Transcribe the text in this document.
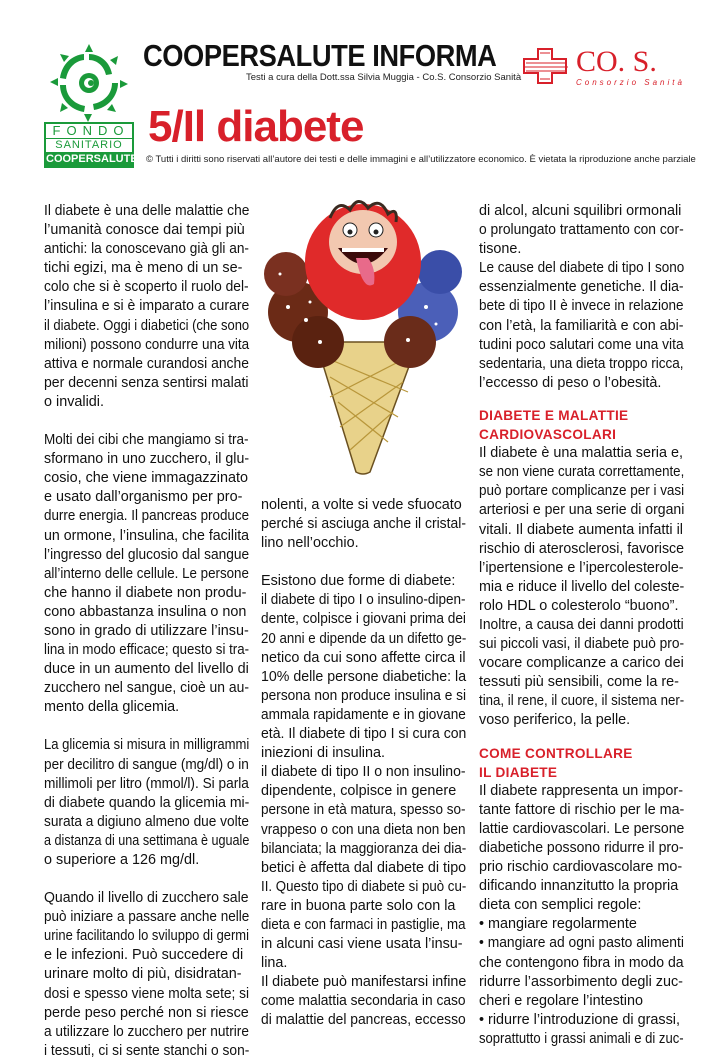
FONDO
SANITARIO
COOPERSALUTE
COOPERSALUTE INFORMA
Testi a cura della Dott.ssa Silvia Muggia - Co.S. Consorzio Sanità CO. S.
Consorzio Sanità
5/Il diabete
© Tutti i diritti sono riservati all’autore dei testi e delle immagini e all’utilizzatore economico. È vietata la riproduzione anche parziale

Il diabete è una delle malattie che

l’umanità conosce dai tempi più

antichi: la conoscevano già gli an-

tichi egizi, ma è meno di un se-

colo che si è scoperto il ruolo del-

l’insulina e si è imparato a curare

il diabete. Oggi i diabetici (che sono

milioni) possono condurre una vita

attiva e normale curandosi anche

per decenni senza sentirsi malati

o invalidi.

Molti dei cibi che mangiamo si tra-

sformano in uno zucchero, il glu-

cosio, che viene immagazzinato

e usato dall’organismo per pro-

durre energia. Il pancreas produce

un ormone, l’insulina, che facilita

l’ingresso del glucosio dal sangue

all’interno delle cellule. Le persone

che hanno il diabete non produ-

cono abbastanza insulina o non

sono in grado di utilizzare l’insu-

lina in modo efficace; questo si tra-

duce in un aumento del livello di

zucchero nel sangue, cioè un au-

mento della glicemia.

La glicemia si misura in milligrammi

per decilitro di sangue (mg/dl) o in

millimoli per litro (mmol/l). Si parla

di diabete quando la glicemia mi-

surata a digiuno almeno due volte

a distanza di una settimana è uguale

o superiore a 126 mg/dl.

Quando il livello di zucchero sale

può iniziare a passare anche nelle

urine facilitando lo sviluppo di germi

e le infezioni. Può succedere di

urinare molto di più, disidratan-

dosi e spesso viene molta sete; si

perde peso perché non si riesce

a utilizzare lo zucchero per nutrire

i tessuti, ci si sente stanchi o son-

nolenti, a volte si vede sfuocato

perché si asciuga anche il cristal-

lino nell’occhio.

Esistono due forme di diabete:

il diabete di tipo I o insulino-dipen-

dente, colpisce i giovani prima dei

20 anni e dipende da un difetto ge-

netico da cui sono affette circa il

10% delle persone diabetiche: la

persona non produce insulina e si

ammala rapidamente e in giovane

età. Il diabete di tipo I si cura con

iniezioni di insulina.

il diabete di tipo II o non insulino-

dipendente, colpisce in genere

persone in età matura, spesso so-

vrappeso o con una dieta non ben

bilanciata; la maggioranza dei dia-

betici è affetta dal diabete di tipo

II. Questo tipo di diabete si può cu-

rare in buona parte solo con la

dieta e con farmaci in pastiglie, ma

in alcuni casi viene usata l’insu-

lina.

Il diabete può manifestarsi infine

come malattia secondaria in caso

di malattie del pancreas, eccesso

di alcol, alcuni squilibri ormonali

o prolungato trattamento con cor-

tisone.

Le cause del diabete di tipo I sono

essenzialmente genetiche. Il dia-

bete di tipo II è invece in relazione

con l’età, la familiarità e con abi-

tudini poco salutari come una vita

sedentaria, una dieta troppo ricca,

l’eccesso di peso o l’obesità.

DIABETE E MALATTIE

CARDIOVASCOLARI

Il diabete è una malattia seria e,

se non viene curata correttamente,

può portare complicanze per i vasi

arteriosi e per una serie di organi

vitali. Il diabete aumenta infatti il

rischio di aterosclerosi, favorisce

l’ipertensione e l’ipercolesterole-

mia e riduce il livello del coleste-

rolo HDL o colesterolo “buono”.

Inoltre, a causa dei danni prodotti

sui piccoli vasi, il diabete può pro-

vocare complicanze a carico dei

tessuti più sensibili, come la re-

tina, il rene, il cuore, il sistema ner-

voso periferico, la pelle.

COME CONTROLLARE

IL DIABETE

Il diabete rappresenta un impor-

tante fattore di rischio per le ma-

lattie cardiovascolari. Le persone

diabetiche possono ridurre il pro-

prio rischio cardiovascolare mo-

dificando innanzitutto la propria

dieta con semplici regole:

• mangiare regolarmente

• mangiare ad ogni pasto alimenti

che contengono fibra in modo da

ridurre l’assorbimento degli zuc-

cheri e regolare l’intestino

• ridurre l’introduzione di grassi,

soprattutto i grassi animali e di zuc-
